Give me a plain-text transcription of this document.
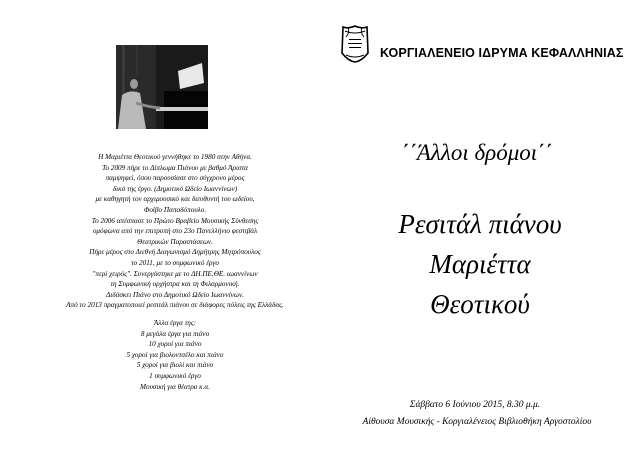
Η Μαριέττα Θεοτικού γεννήθηκε το 1980 στην Αθήνα.
Το 2009 πήρε το Δίπλωμα Πιάνου με βαθμό Άριστα
παμψηφεί, όπου παρουσίασε στο σύγχρονο μέρος
δικό της έργο. (Δημοτικό Ωδείο Ιωαννίνων)
με καθηγητή τον αρχιμουσικό και διευθυντή του ωδείου,
Φοίβο Παπαδόπουλο.
Το 2006 απέσπασε το Πρώτο Βραβείο Μουσικής Σύνθεσης
ομόφωνα από την επιτροπή στο 23ο Πανελλήνιο φεστιβάλ
Θεατρικών Παραστάσεων.
Πήρε μέρος στο Διεθνή Διαγωνισμό Δημήτρης Μητρόπουλος
το 2011, με το συμφωνικό έργο
"περί χειρός". Συνεργάστηκε με το ΔΗ.ΠΕ.ΘΕ. ιωαννίνων
τη Συμφωνική ορχήστρα και τη Φιλαρμονική.
Διδάσκει Πιάνο στο Δημοτικό Ωδείο Ιωαννίνων.
Από το 2013 πραγματοποιεί ρεσιτάλ πιάνου σε διάφορες πόλεις της Ελλάδας.
Άλλα έργα της:
8 μεγάλα έργα για πιάνο
10 χοροί για πιάνο
5 χοροί για βιολοντσέλο και πιάνο
5 χοροί για βιολί και πιάνο
1 συμφωνικό έργο
Μουσική για θέατρο κ.α.
ΚΟΡΓΙΑΛΕΝΕΙΟ ΙΔΡΥΜΑ ΚΕΦΑΛΛΗΝΙΑΣ
΄΄Άλλοι δρόμοι΄΄
Ρεσιτάλ πιάνου
Μαριέττα
Θεοτικού
Σάββατο 6 Ιούνιου 2015, 8.30 μ.μ.
Αίθουσα Μουσικής - Κοργιαλένειος Βιβλιοθήκη Αργοστολίου
